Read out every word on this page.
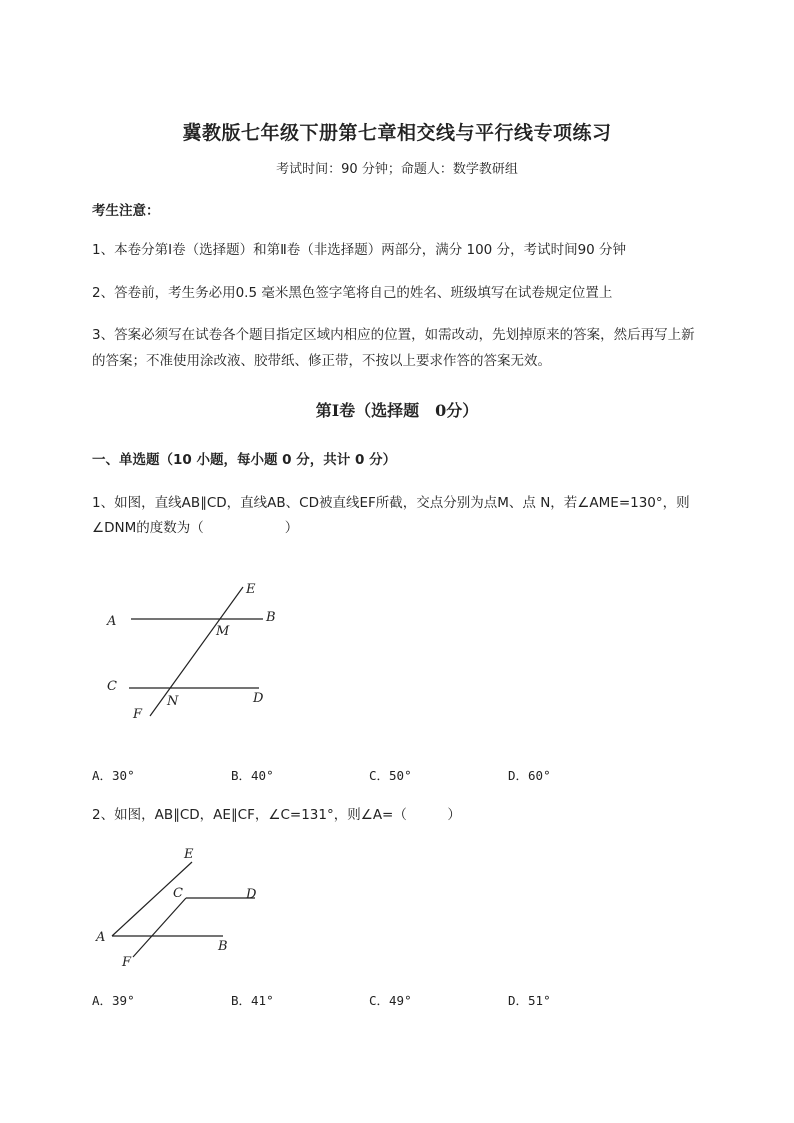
冀教版七年级下册第七章相交线与平行线专项练习
考试时间：90 分钟；命题人：数学教研组
考生注意：
1、本卷分第Ⅰ卷（选择题）和第Ⅱ卷（非选择题）两部分，满分 100 分，考试时间90 分钟
2、答卷前，考生务必用0.5 毫米黑色签字笔将自己的姓名、班级填写在试卷规定位置上
3、答案必须写在试卷各个题目指定区域内相应的位置，如需改动，先划掉原来的答案，然后再写上新
的答案；不准使用涂改液、胶带纸、修正带，不按以上要求作答的答案无效。
第Ⅰ卷（选择题　0分）
一、单选题（10 小题，每小题 0 分，共计 0 分）
1、如图，直线AB∥CD，直线AB、CD被直线EF所截，交点分别为点M、点 N，若∠AME=130°，则
∠DNM的度数为（　　　　　　）
A	B
C
D
E
F
M
N
A．30°	B．40°	C．50°	D．60°
2、如图，AB∥CD，AE∥CF，∠C=131°，则∠A=（　　　）
E
C	D
A
B
F
A．39°	B．41°	C．49°	D．51°
